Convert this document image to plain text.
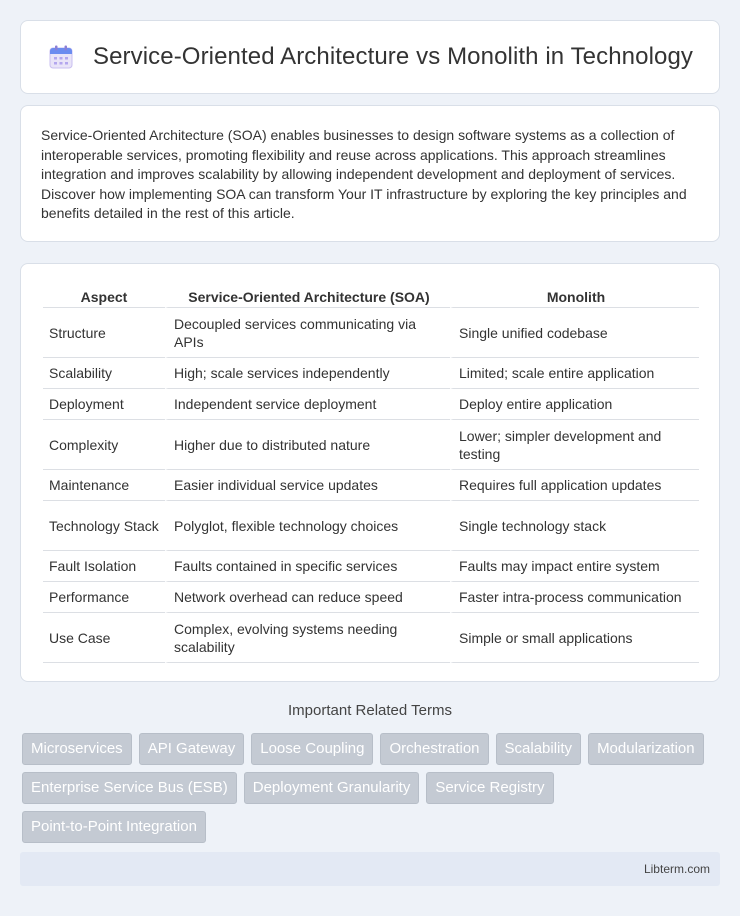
Service-Oriented Architecture vs Monolith in Technology

Service-Oriented Architecture (SOA) enables businesses to design software systems as a collection of interoperable services, promoting flexibility and reuse across applications. This approach streamlines integration and improves scalability by allowing independent development and deployment of services. Discover how implementing SOA can transform Your IT infrastructure by exploring the key principles and benefits detailed in the rest of this article.

Aspect	Service-Oriented Architecture (SOA)	Monolith
Structure	Decoupled services communicating via APIs	Single unified codebase
Scalability	High; scale services independently	Limited; scale entire application
Deployment	Independent service deployment	Deploy entire application
Complexity	Higher due to distributed nature	Lower; simpler development and testing
Maintenance	Easier individual service updates	Requires full application updates
Technology Stack	Polyglot, flexible technology choices	Single technology stack
Fault Isolation	Faults contained in specific services	Faults may impact entire system
Performance	Network overhead can reduce speed	Faster intra-process communication
Use Case	Complex, evolving systems needing scalability	Simple or small applications
Important Related Terms
Microservices	API Gateway	Loose Coupling	Orchestration	Scalability	Modularization
Enterprise Service Bus (ESB)	Deployment Granularity	Service Registry
Point-to-Point Integration
Libterm.com
